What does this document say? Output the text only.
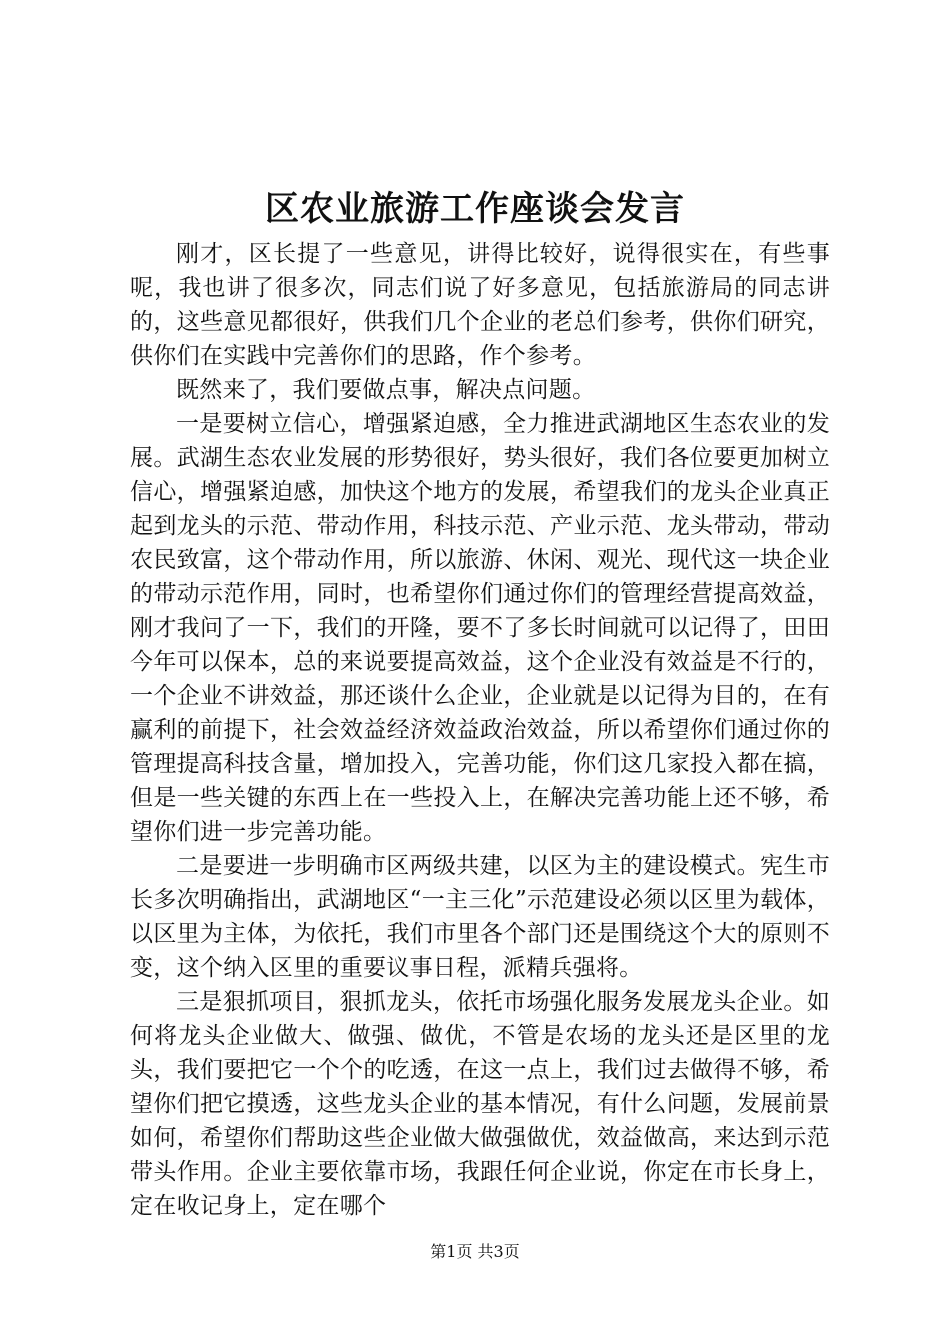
区农业旅游工作座谈会发言

刚才，区长提了一些意见，讲得比较好，说得很实在，有些事呢，我也讲了很多次，同志们说了好多意见，包括旅游局的同志讲的，这些意见都很好，供我们几个企业的老总们参考，供你们研究，供你们在实践中完善你们的思路，作个参考。

既然来了，我们要做点事，解决点问题。

一是要树立信心，增强紧迫感，全力推进武湖地区生态农业的发展。武湖生态农业发展的形势很好，势头很好，我们各位要更加树立信心，增强紧迫感，加快这个地方的发展，希望我们的龙头企业真正起到龙头的示范、带动作用，科技示范、产业示范、龙头带动，带动农民致富，这个带动作用，所以旅游、休闲、观光、现代这一块企业的带动示范作用，同时，也希望你们通过你们的管理经营提高效益，刚才我问了一下，我们的开隆，要不了多长时间就可以记得了，田田今年可以保本，总的来说要提高效益，这个企业没有效益是不行的，一个企业不讲效益，那还谈什么企业，企业就是以记得为目的，在有赢利的前提下，社会效益经济效益政治效益，所以希望你们通过你的管理提高科技含量，增加投入，完善功能，你们这几家投入都在搞，但是一些关键的东西上在一些投入上，在解决完善功能上还不够，希望你们进一步完善功能。

二是要进一步明确市区两级共建，以区为主的建设模式。宪生市长多次明确指出，武湖地区“一主三化”示范建设必须以区里为载体，以区里为主体，为依托，我们市里各个部门还是围绕这个大的原则不变，这个纳入区里的重要议事日程，派精兵强将。

三是狠抓项目，狠抓龙头，依托市场强化服务发展龙头企业。如何将龙头企业做大、做强、做优，不管是农场的龙头还是区里的龙头，我们要把它一个个的吃透，在这一点上，我们过去做得不够，希望你们把它摸透，这些龙头企业的基本情况，有什么问题，发展前景如何，希望你们帮助这些企业做大做强做优，效益做高，来达到示范带头作用。企业主要依靠市场，我跟任何企业说，你定在市长身上，定在收记身上，定在哪个

第1页 共3页
